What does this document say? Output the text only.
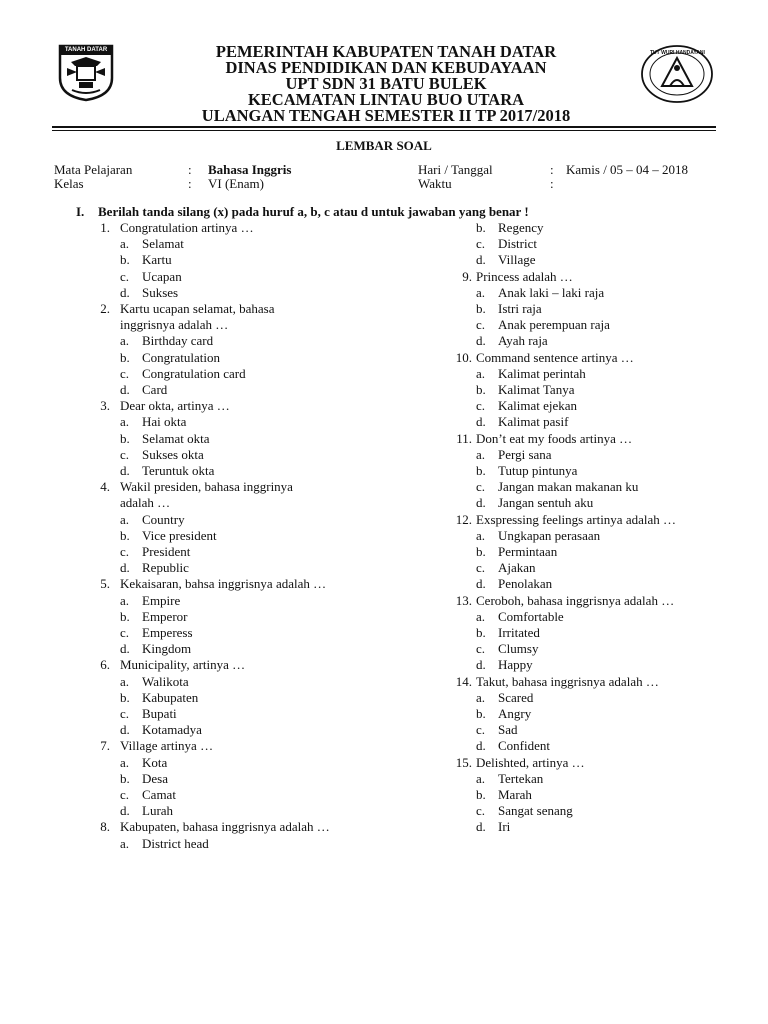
TANAH DATAR	TUT WURI HANDAYANI
PEMERINTAH KABUPATEN TANAH DATAR
DINAS PENDIDIKAN DAN KEBUDAYAAN
UPT SDN 31 BATU BULEK
KECAMATAN LINTAU BUO UTARA
ULANGAN TENGAH SEMESTER II TP 2017/2018
LEMBAR SOAL
Mata Pelajaran	: Bahasa Inggris	Hari / Tanggal	: Kamis / 05 – 04 – 2018
Kelas	: VI (Enam)	Waktu	:
I. Berilah tanda silang (x) pada huruf a, b, c atau d untuk jawaban yang benar !
1. Congratulation artinya …
a. Selamat
b. Kartu
c. Ucapan
d. Sukses
2. Kartu ucapan selamat, bahasa
inggrisnya adalah …
a. Birthday card
b. Congratulation
c. Congratulation card
d. Card
3. Dear okta, artinya …
a. Hai okta
b. Selamat okta
c. Sukses okta
d. Teruntuk okta
4. Wakil presiden, bahasa inggrinya
adalah …
a. Country
b. Vice president
c. President
d. Republic
5. Kekaisaran, bahsa inggrisnya adalah …
a. Empire
b. Emperor
c. Emperess
d. Kingdom
6. Municipality, artinya …
a. Walikota
b. Kabupaten
c. Bupati
d. Kotamadya
7. Village artinya …
a. Kota
b. Desa
c. Camat
d. Lurah
8. Kabupaten, bahasa inggrisnya adalah …
a. District head
b. Regency
c. District
d. Village
9. Princess adalah …
a. Anak laki – laki raja
b. Istri raja
c. Anak perempuan raja
d. Ayah raja
10. Command sentence artinya …
a. Kalimat perintah
b. Kalimat Tanya
c. Kalimat ejekan
d. Kalimat pasif
11. Don’t eat my foods artinya …
a. Pergi sana
b. Tutup pintunya
c. Jangan makan makanan ku
d. Jangan sentuh aku
12. Exspressing feelings artinya adalah …
a. Ungkapan perasaan
b. Permintaan
c. Ajakan
d. Penolakan
13. Ceroboh, bahasa inggrisnya adalah …
a. Comfortable
b. Irritated
c. Clumsy
d. Happy
14. Takut, bahasa inggrisnya adalah …
a. Scared
b. Angry
c. Sad
d. Confident
15. Delishted, artinya …
a. Tertekan
b. Marah
c. Sangat senang
d. Iri
